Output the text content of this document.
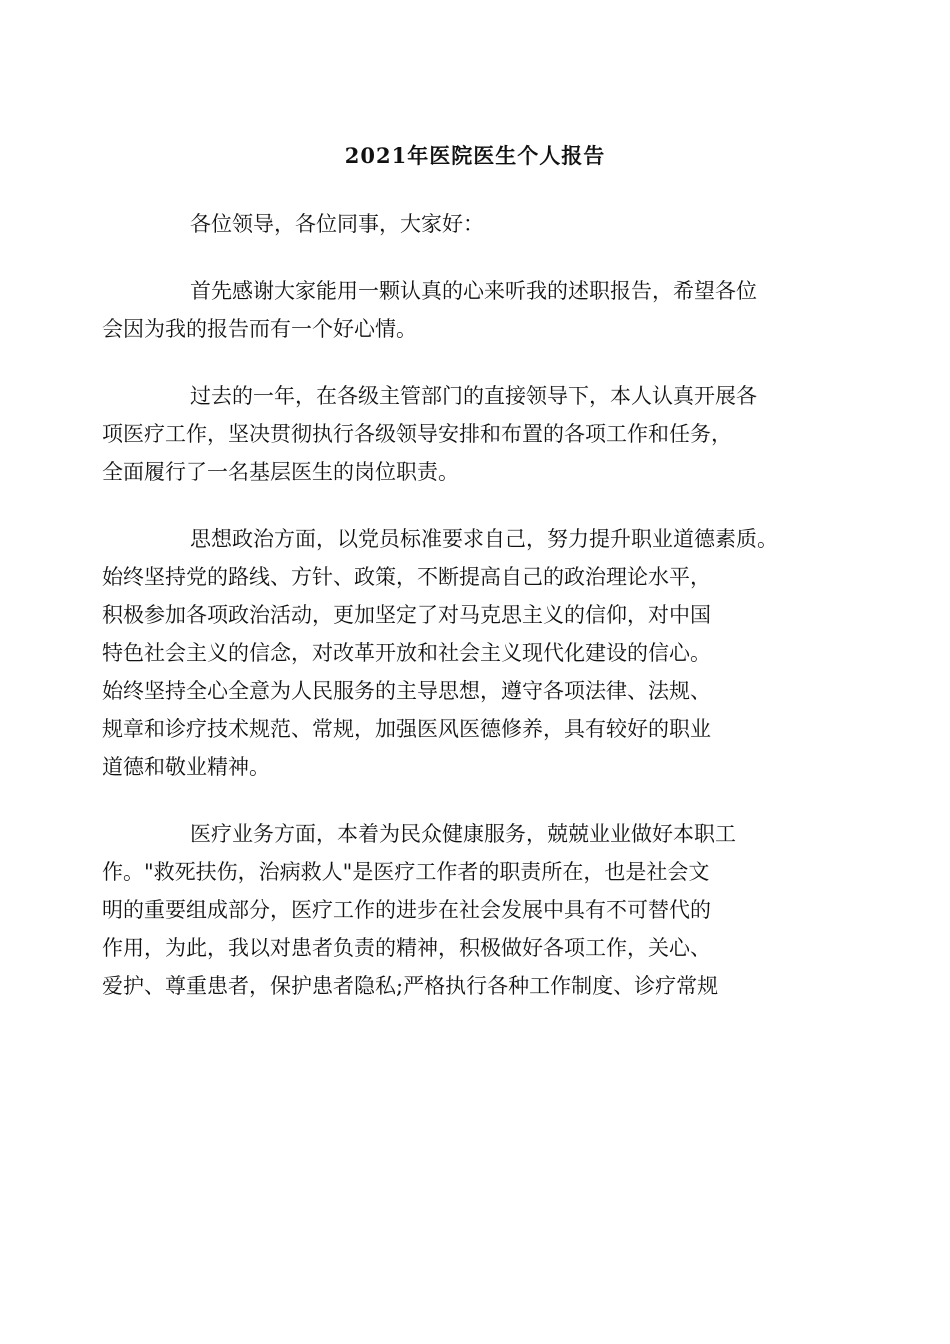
2021年医院医生个人报告

各位领导，各位同事，大家好：

首先感谢大家能用一颗认真的心来听我的述职报告，希望各位
会因为我的报告而有一个好心情。

过去的一年，在各级主管部门的直接领导下，本人认真开展各
项医疗工作，坚决贯彻执行各级领导安排和布置的各项工作和任务，
全面履行了一名基层医生的岗位职责。

思想政治方面，以党员标准要求自己，努力提升职业道德素质。
始终坚持党的路线、方针、政策，不断提高自己的政治理论水平，
积极参加各项政治活动，更加坚定了对马克思主义的信仰，对中国
特色社会主义的信念，对改革开放和社会主义现代化建设的信心。
始终坚持全心全意为人民服务的主导思想，遵守各项法律、法规、
规章和诊疗技术规范、常规，加强医风医德修养，具有较好的职业
道德和敬业精神。

医疗业务方面，本着为民众健康服务，兢兢业业做好本职工
作。"救死扶伤，治病救人"是医疗工作者的职责所在，也是社会文
明的重要组成部分，医疗工作的进步在社会发展中具有不可替代的
作用，为此，我以对患者负责的精神，积极做好各项工作，关心、
爱护、尊重患者，保护患者隐私;严格执行各种工作制度、诊疗常规
